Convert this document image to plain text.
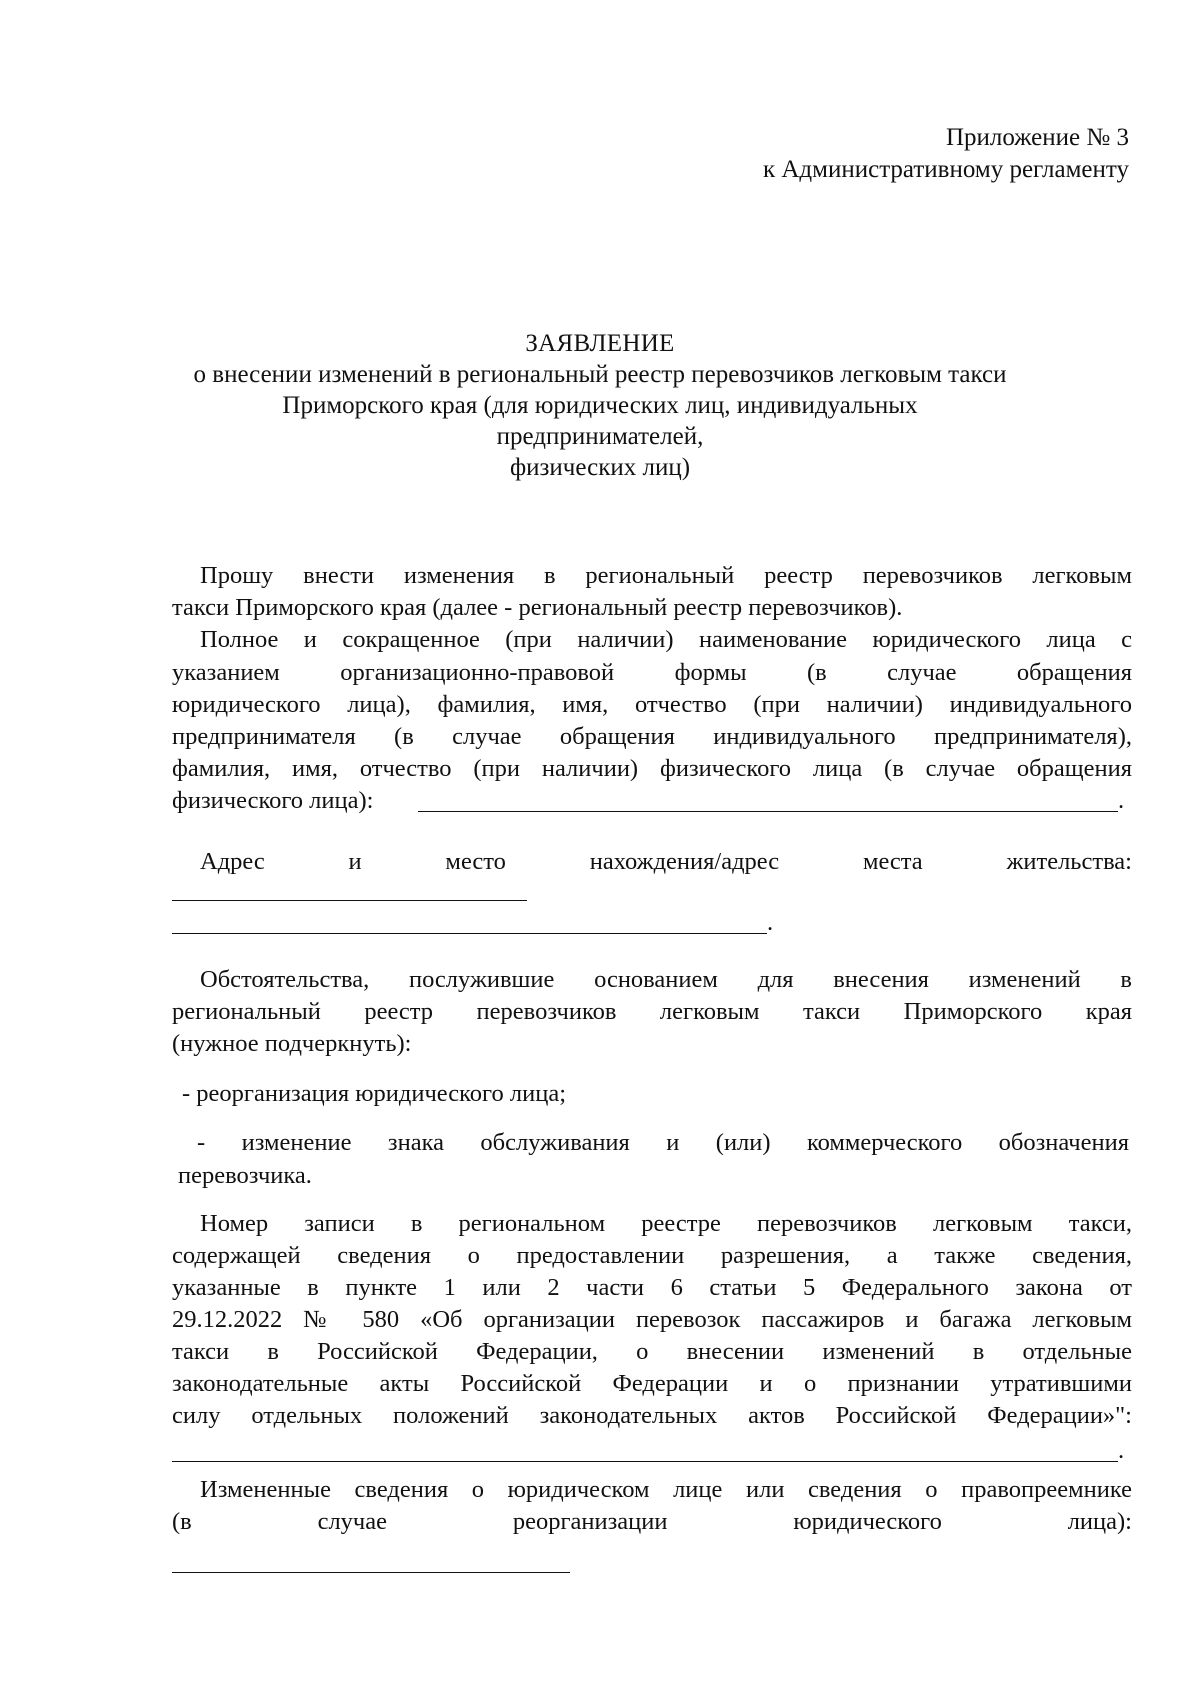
Приложение № 3
к Административному регламенту
ЗАЯВЛЕНИЕ
о внесении изменений в региональный реестр перевозчиков легковым такси
Приморского края (для юридических лиц, индивидуальных
предпринимателей,
физических лиц)
Прошу внести изменения в региональный реестр перевозчиков легковым
такси Приморского края (далее - региональный реестр перевозчиков).
Полное и сокращенное (при наличии) наименование юридического лица с
указанием организационно-правовой формы (в случае обращения
юридического лица), фамилия, имя, отчество (при наличии) индивидуального
предпринимателя (в случае обращения индивидуального предпринимателя),
фамилия, имя, отчество (при наличии) физического лица (в случае обращения
физического лица):	.
Адрес и место нахождения/адрес места жительства:
.
Обстоятельства, послужившие основанием для внесения изменений в
региональный реестр перевозчиков легковым такси Приморского края
(нужное подчеркнуть):
- реорганизация юридического лица;
- изменение знака обслуживания и (или) коммерческого обозначения
перевозчика.
Номер записи в региональном реестре перевозчиков легковым такси,
содержащей сведения о предоставлении разрешения, а также сведения,
указанные в пункте 1 или 2 части 6 статьи 5 Федерального закона от
29.12.2022 № 580 «Об организации перевозок пассажиров и багажа легковым
такси в Российской Федерации, о внесении изменений в отдельные
законодательные акты Российской Федерации и о признании утратившими
силу отдельных положений законодательных актов Российской Федерации»":
.
Измененные сведения о юридическом лице или сведения о правопреемнике
(в случае реорганизации юридического лица):
